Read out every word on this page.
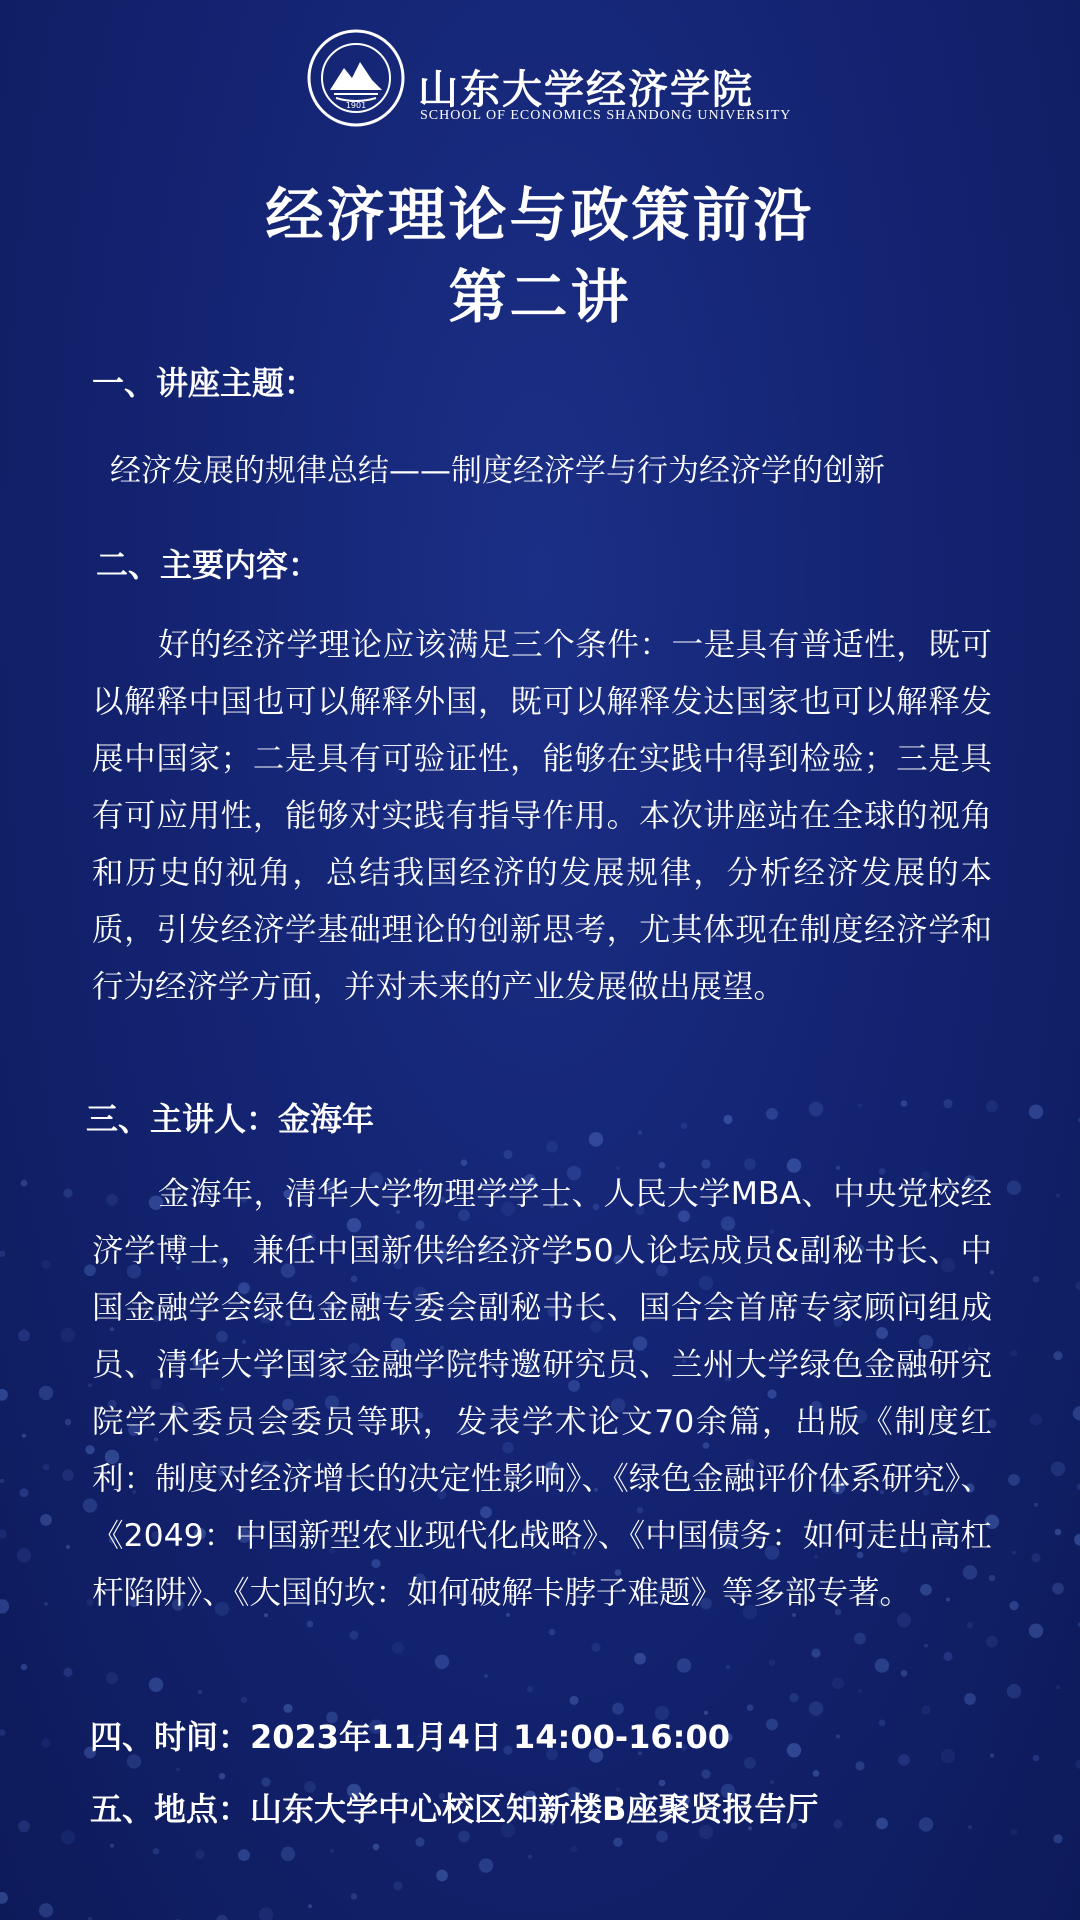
1901 山东大学经济学院
SCHOOL OF ECONOMICS SHANDONG UNIVERSITY
经济理论与政策前沿
第二讲
一、讲座主题：
经济发展的规律总结——制度经济学与行为经济学的创新
二、主要内容：
好的经济学理论应该满足三个条件：一是具有普适性，既可以解释中国也可以解释外国，既可以解释发达国家也可以解释发展中国家；二是具有可验证性，能够在实践中得到检验；三是具有可应用性，能够对实践有指导作用。本次讲座站在全球的视角和历史的视角，总结我国经济的发展规律，分析经济发展的本质，引发经济学基础理论的创新思考，尤其体现在制度经济学和行为经济学方面，并对未来的产业发展做出展望。
三、主讲人：金海年
金海年，清华大学物理学学士、人民大学MBA、中央党校经济学博士，兼任中国新供给经济学50人论坛成员&副秘书长、中国金融学会绿色金融专委会副秘书长、国合会首席专家顾问组成员、清华大学国家金融学院特邀研究员、兰州大学绿色金融研究院学术委员会委员等职，发表学术论文70余篇，出版《制度红利：制度对经济增长的决定性影响》、《绿色金融评价体系研究》、《2049：中国新型农业现代化战略》、《中国债务：如何走出高杠杆陷阱》、《大国的坎：如何破解卡脖子难题》等多部专著。
四、时间：2023年11月4日 14:00-16:00
五、地点：山东大学中心校区知新楼B座聚贤报告厅
